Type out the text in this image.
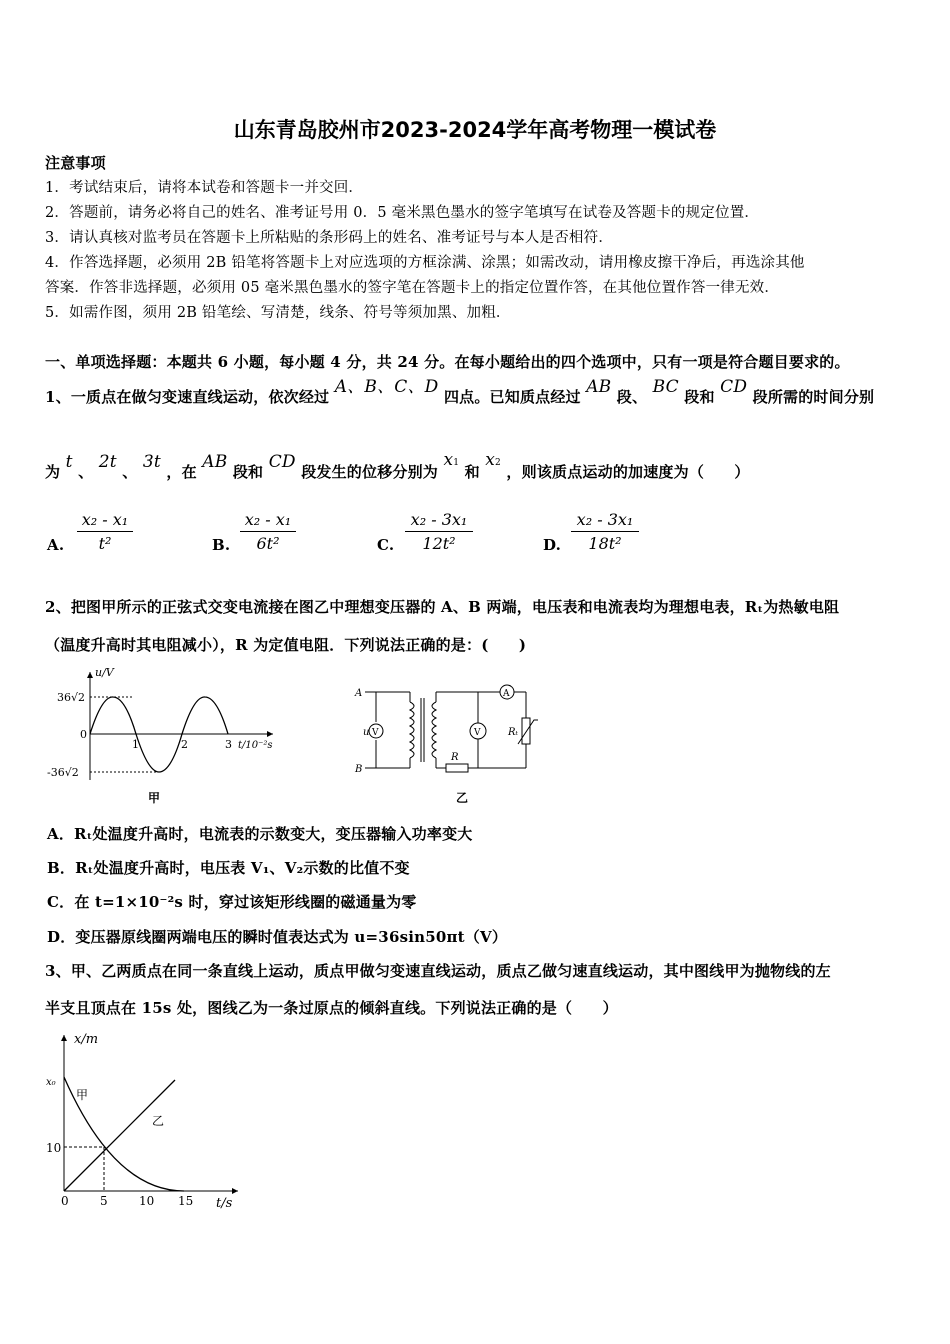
山东青岛胶州市2023-2024学年高考物理一模试卷
注意事项
1．考试结束后，请将本试卷和答题卡一并交回．
2．答题前，请务必将自己的姓名、准考证号用 0．5 毫米黑色墨水的签字笔填写在试卷及答题卡的规定位置．
3．请认真核对监考员在答题卡上所粘贴的条形码上的姓名、准考证号与本人是否相符．
4．作答选择题，必须用 2B 铅笔将答题卡上对应选项的方框涂满、涂黑；如需改动，请用橡皮擦干净后，再选涂其他
答案．作答非选择题，必须用 05 毫米黑色墨水的签字笔在答题卡上的指定位置作答，在其他位置作答一律无效．
5．如需作图，须用 2B 铅笔绘、写清楚，线条、符号等须加黑、加粗．
一、单项选择题：本题共 6 小题，每小题 4 分，共 24 分。在每小题给出的四个选项中，只有一项是符合题目要求的。
1、一质点在做匀变速直线运动，依次经过 A、B、C、D 四点。已知质点经过 AB 段、 BC 段和 CD 段所需的时间分别
为 t 、 2t 、 3t ，在 AB 段和 CD 段发生的位移分别为 x1 和 x2 ，则该质点运动的加速度为（　　）
A.
x₂ - x₁
t²	B.
x₂ - x₁
6t²	C.
x₂ - 3x₁
12t²	D.
x₂ - 3x₁
18t²
2、把图甲所示的正弦式交变电流接在图乙中理想变压器的 A、B 两端，电压表和电流表均为理想电表，Rₜ为热敏电阻
（温度升高时其电阻减小），R 为定值电阻．下列说法正确的是：(　　)
u/V
36√2
-36√2
0
1	2	3 t/10⁻²s
甲
A
B
u V	V
A
R
Rₜ
乙
A．Rₜ处温度升高时，电流表的示数变大，变压器输入功率变大
B．Rₜ处温度升高时，电压表 V₁、V₂示数的比值不变
C．在 t=1×10⁻²s 时，穿过该矩形线圈的磁通量为零
D．变压器原线圈两端电压的瞬时值表达式为 u=36sin50πt（V）
3、甲、乙两质点在同一条直线上运动，质点甲做匀变速直线运动，质点乙做匀速直线运动，其中图线甲为抛物线的左
半支且顶点在 15s 处，图线乙为一条过原点的倾斜直线。下列说法正确的是（　　）
x/m
x₀
10
0	5	10 15 t/s
甲
乙
